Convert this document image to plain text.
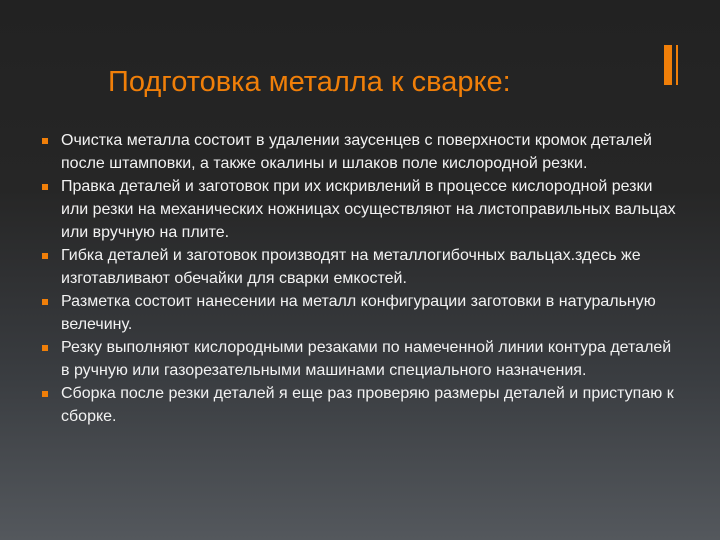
Подготовка металла к сварке:
Очистка металла состоит в удалении заусенцев с поверхности кромок деталей после штамповки, а также окалины и шлаков поле кислородной резки.
Правка деталей и заготовок при их искривлений в процессе кислородной резки или резки на механических ножницах осуществляют на листоправильных вальцах или вручную на плите.
Гибка деталей и заготовок производят на металлогибочных вальцах.здесь же изготавливают обечайки для сварки емкостей.
Разметка состоит нанесении на металл конфигурации заготовки в натуральную велечину.
Резку выполняют кислородными резаками по намеченной линии контура деталей в ручную или газорезательными машинами специального назначения.
Сборка после резки деталей я еще раз проверяю размеры деталей и приступаю к сборке.
